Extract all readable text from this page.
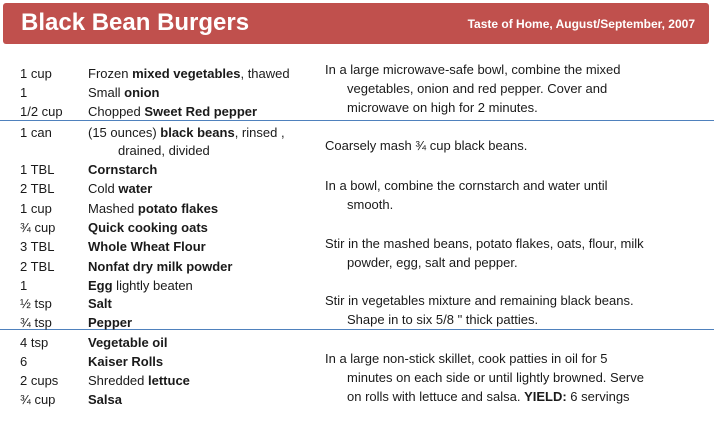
Black Bean Burgers	Taste of Home, August/September, 2007
1 cup	Frozen mixed vegetables, thawed
1	Small onion
1/2 cup Chopped Sweet Red pepper
1 can	(15 ounces) black beans, rinsed ,
drained, divided
1 TBL	Cornstarch
2 TBL	Cold water
1 cup	Mashed potato flakes
¾ cup	Quick cooking oats
3 TBL	Whole Wheat Flour
2 TBL	Nonfat dry milk powder
1	Egg lightly beaten
½ tsp	Salt
¾ tsp	Pepper
4 tsp	Vegetable oil
6	Kaiser Rolls
2 cups Shredded lettuce
¾ cup	Salsa
In a large microwave-safe bowl, combine the mixed
vegetables, onion and red pepper. Cover and
microwave on high for 2 minutes.
Coarsely mash ¾ cup black beans.
In a bowl, combine the cornstarch and water until
smooth.
Stir in the mashed beans, potato flakes, oats, flour, milk
powder, egg, salt and pepper.
Stir in vegetables mixture and remaining black beans.
Shape in to six 5/8 " thick patties.
In a large non-stick skillet, cook patties in oil for 5
minutes on each side or until lightly browned. Serve
on rolls with lettuce and salsa. YIELD: 6 servings
